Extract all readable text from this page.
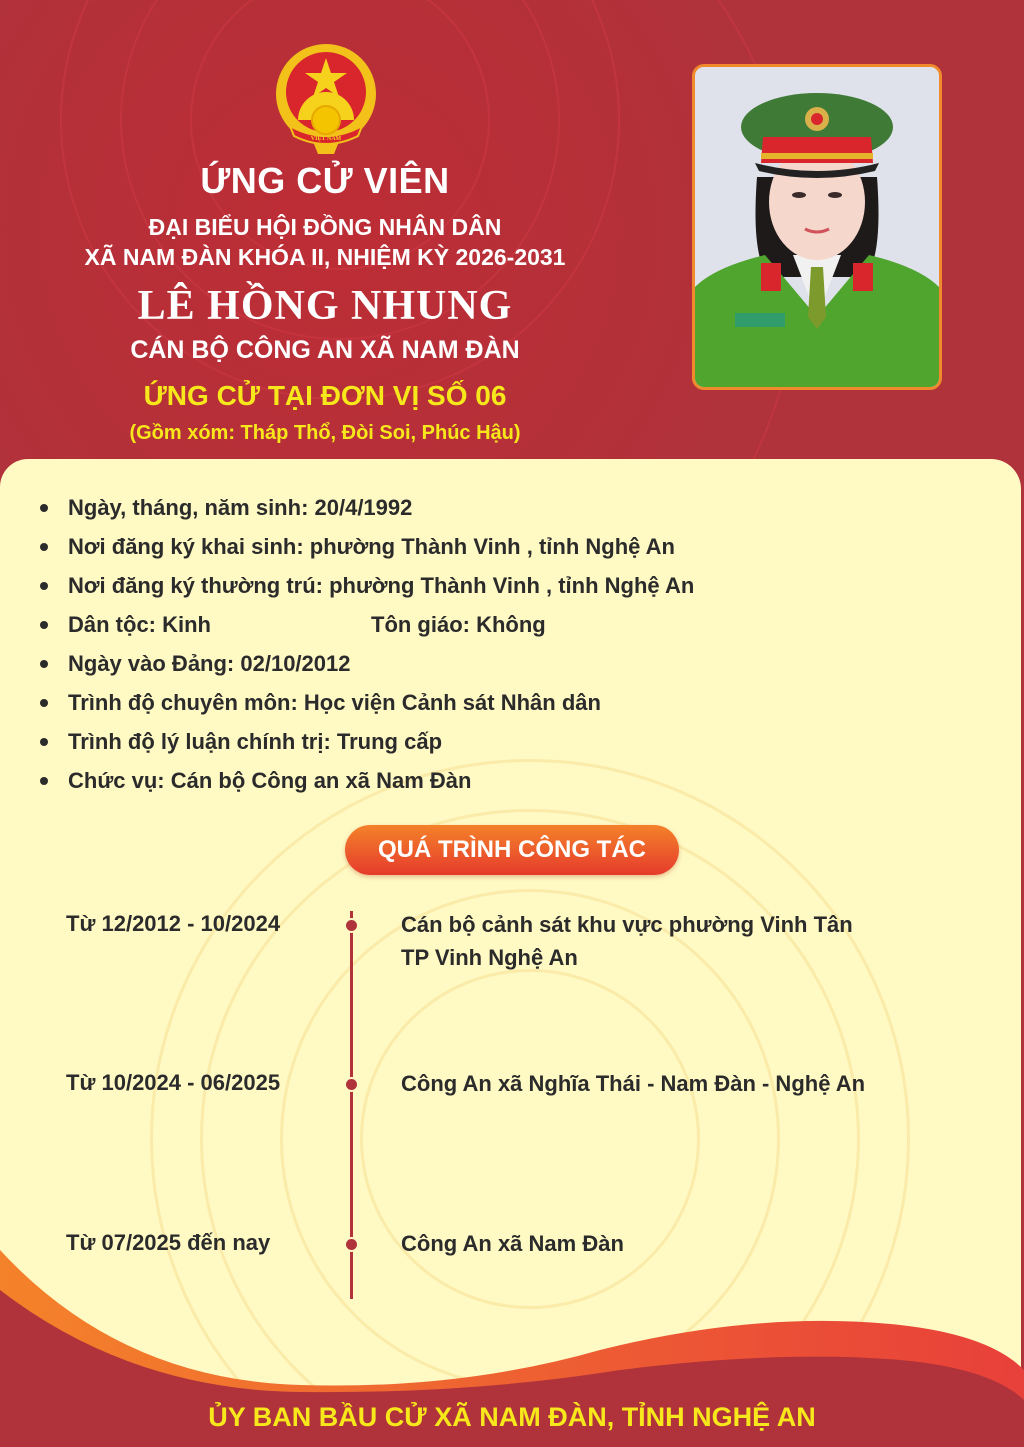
VIỆT NAM
ỨNG CỬ VIÊN
ĐẠI BIỂU HỘI ĐỒNG NHÂN DÂN
XÃ NAM ĐÀN KHÓA II, NHIỆM KỲ 2026-2031
LÊ HỒNG NHUNG
CÁN BỘ CÔNG AN XÃ NAM ĐÀN
ỨNG CỬ TẠI ĐƠN VỊ SỐ 06
(Gồm xóm: Tháp Thổ, Đòi Soi, Phúc Hậu)
Ngày, tháng, năm sinh: 20/4/1992
Nơi đăng ký khai sinh: phường Thành Vinh , tỉnh Nghệ An
Nơi đăng ký thường trú: phường Thành Vinh , tỉnh Nghệ An
Dân tộc: Kinh	Tôn giáo: Không
Ngày vào Đảng: 02/10/2012
Trình độ chuyên môn: Học viện Cảnh sát Nhân dân
Trình độ lý luận chính trị: Trung cấp
Chức vụ: Cán bộ Công an xã Nam Đàn
QUÁ TRÌNH CÔNG TÁC
Từ 12/2012 - 10/2024	Cán bộ cảnh sát khu vực phường Vinh Tân
TP Vinh Nghệ An
Từ 10/2024 - 06/2025	Công An xã Nghĩa Thái - Nam Đàn - Nghệ An
Từ 07/2025 đến nay	Công An xã Nam Đàn
ỦY BAN BẦU CỬ XÃ NAM ĐÀN, TỈNH NGHỆ AN
